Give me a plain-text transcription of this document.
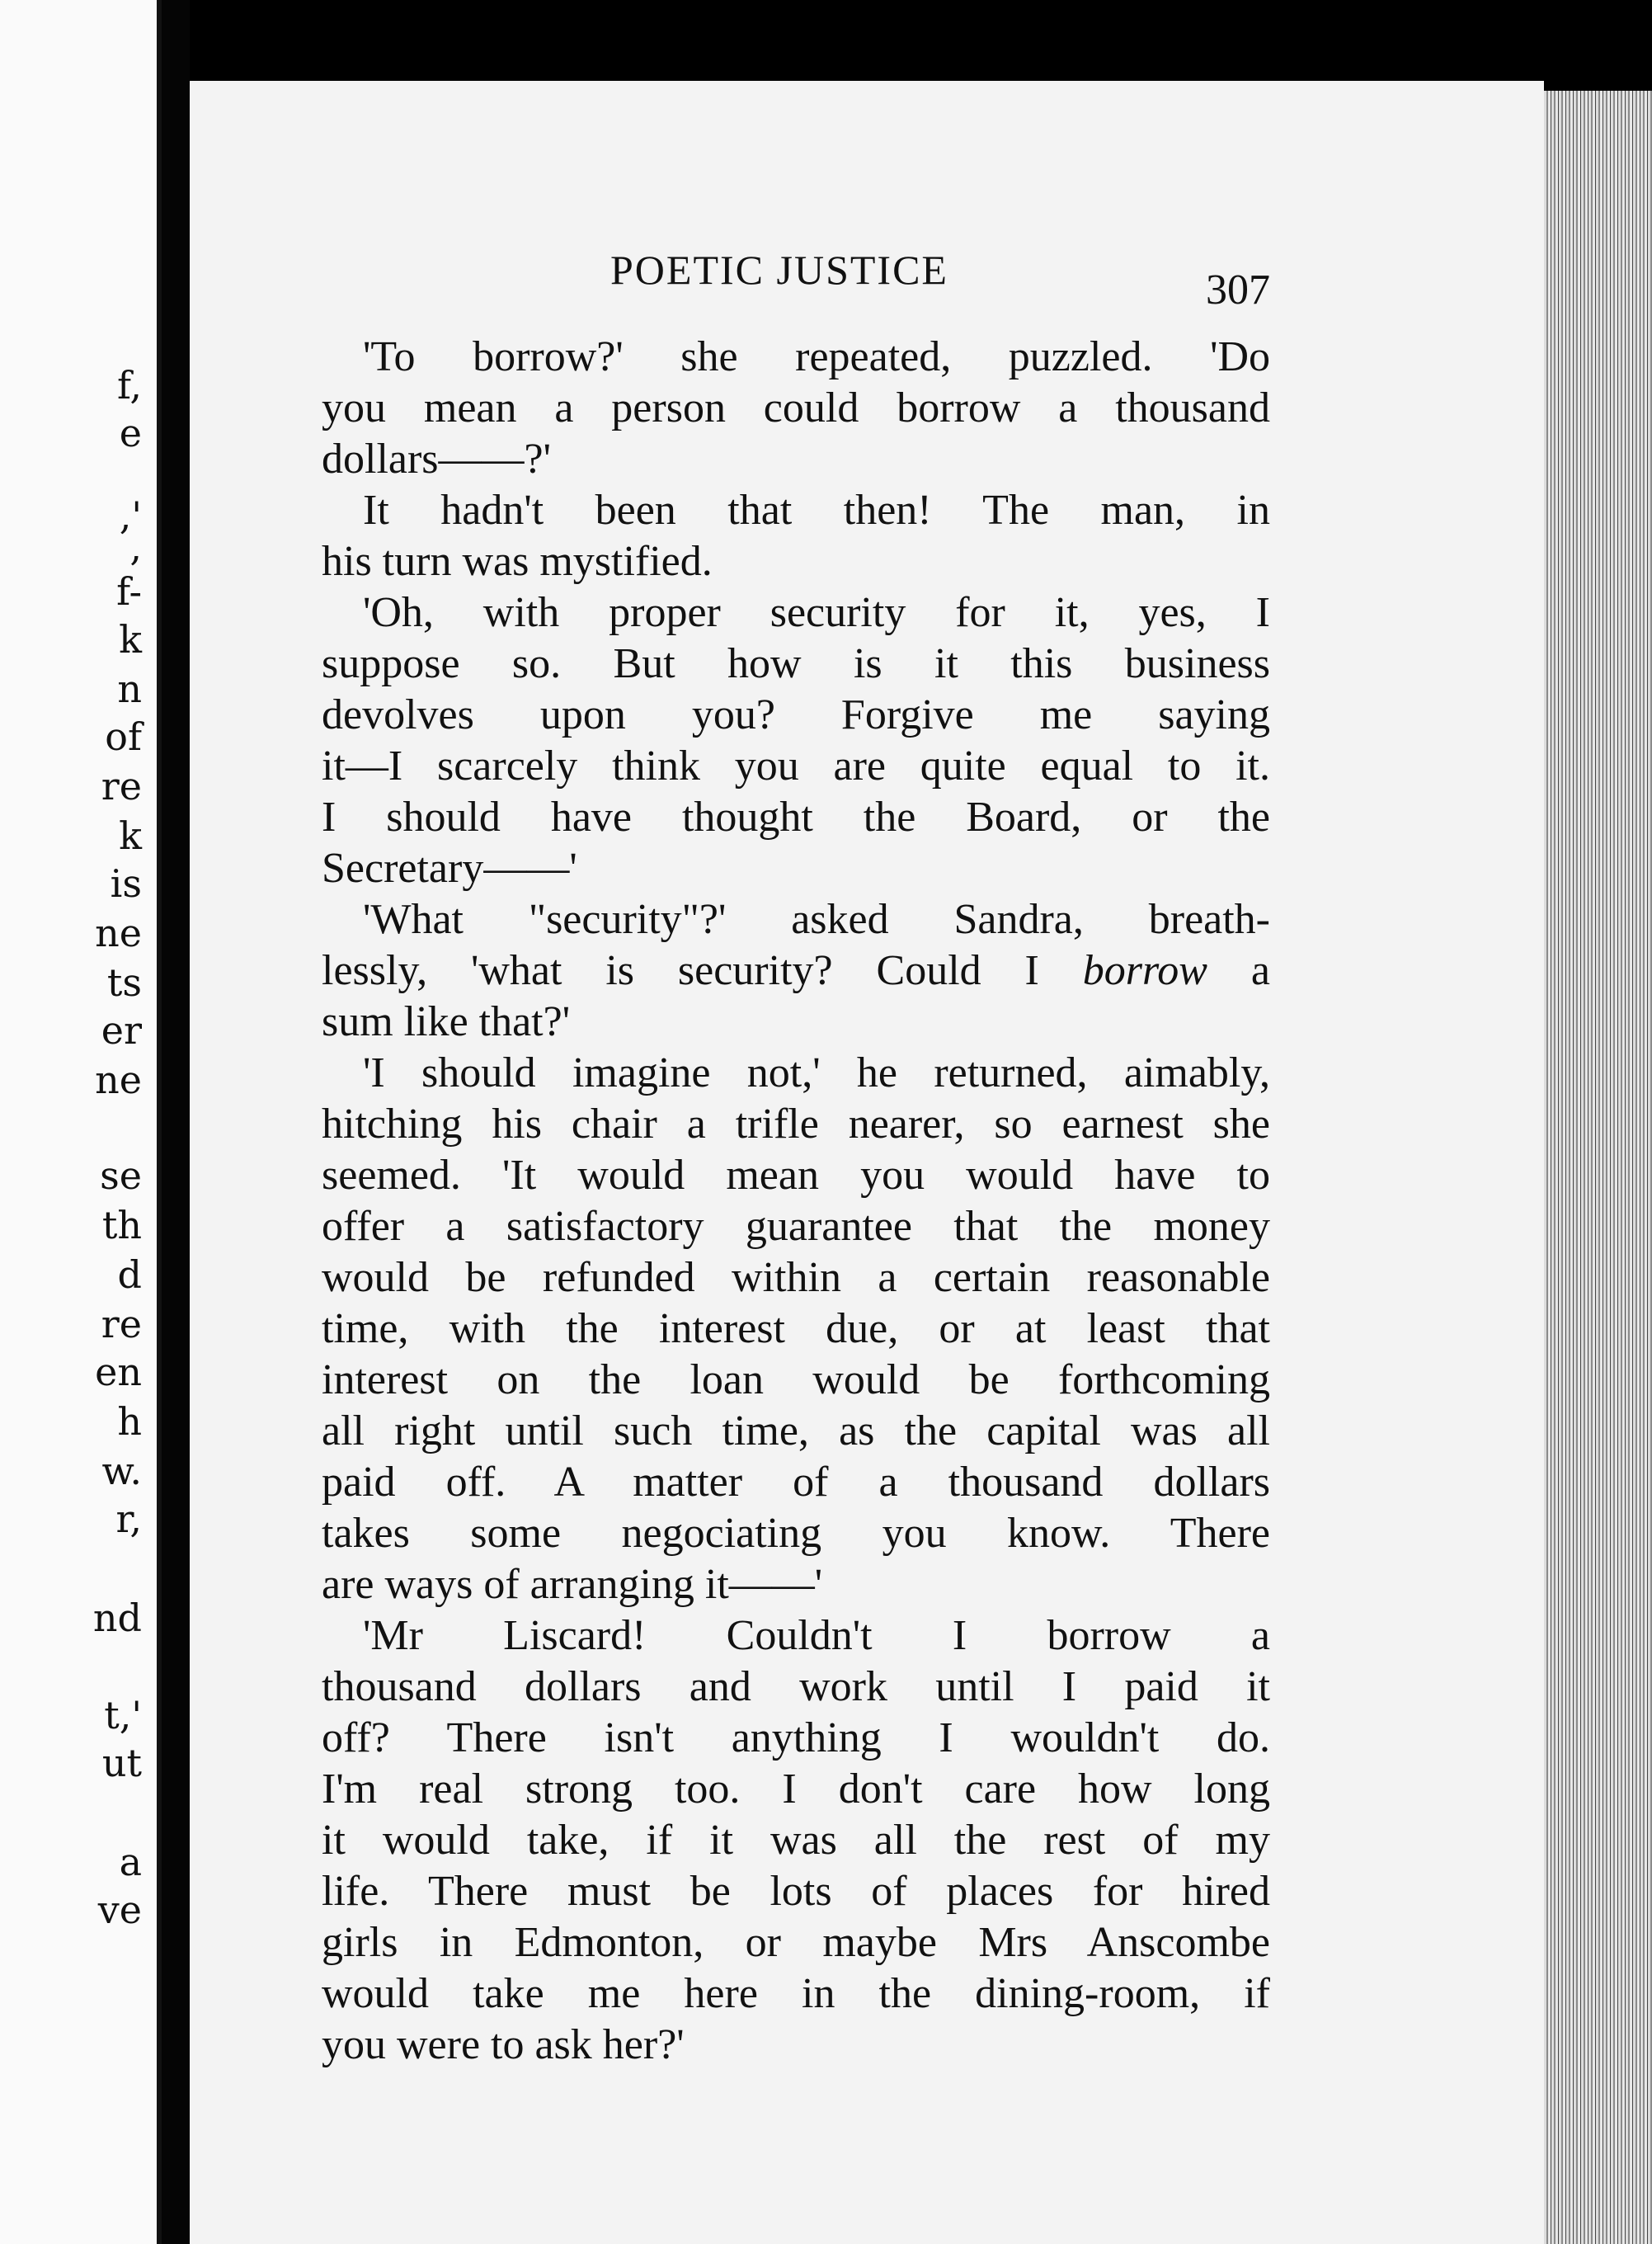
f,
e
,'
,
f-
k
n
of
re
k
is
ne
ts
er
ne
se
th
d
re
en
h
w.
r,
nd
t,'
ut
a
ve
POETIC JUSTICE	307
'To borrow?' she repeated, puzzled. 'Do
you mean a person could borrow a thousand
dollars——?'
It hadn't been that then! The man, in
his turn was mystified.
'Oh, with proper security for it, yes, I
suppose so. But how is it this business
devolves upon you? Forgive me saying
it—I scarcely think you are quite equal to it.
I should have thought the Board, or the
Secretary——'
'What "security"?' asked Sandra, breath-
lessly, 'what is security? Could I borrow a
sum like that?'
'I should imagine not,' he returned, aimably,
hitching his chair a trifle nearer, so earnest she
seemed. 'It would mean you would have to
offer a satisfactory guarantee that the money
would be refunded within a certain reasonable
time, with the interest due, or at least that
interest on the loan would be forthcoming
all right until such time, as the capital was all
paid off. A matter of a thousand dollars
takes some negociating you know. There
are ways of arranging it——'
'Mr Liscard! Couldn't I borrow a
thousand dollars and work until I paid it
off? There isn't anything I wouldn't do.
I'm real strong too. I don't care how long
it would take, if it was all the rest of my
life. There must be lots of places for hired
girls in Edmonton, or maybe Mrs Anscombe
would take me here in the dining-room, if
you were to ask her?'
